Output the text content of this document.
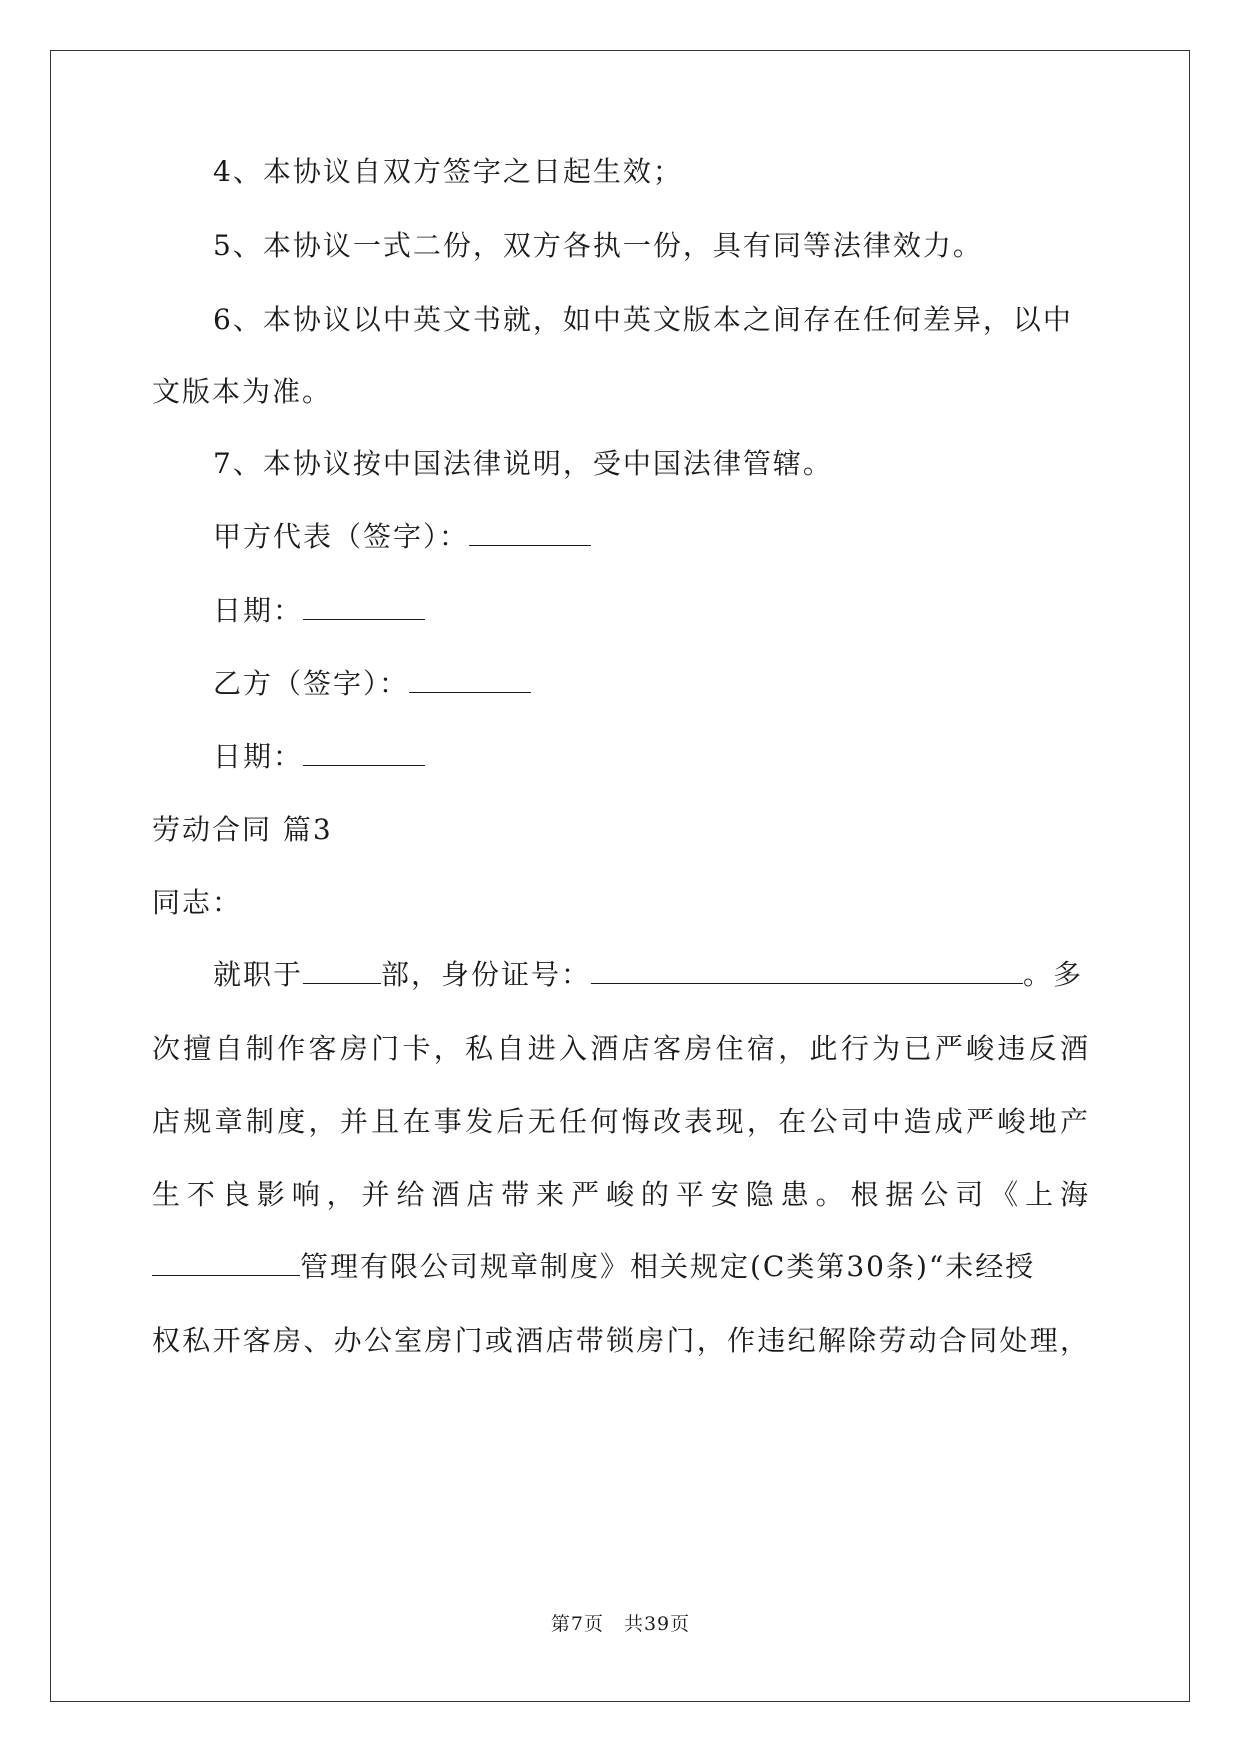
4、本协议自双方签字之日起生效；
5、本协议一式二份，双方各执一份，具有同等法律效力。
6、本协议以中英文书就，如中英文版本之间存在任何差异，以中
文版本为准。
7、本协议按中国法律说明，受中国法律管辖。
甲方代表（签字）：
日期：
乙方（签字）：
日期：
劳动合同 篇3
同志：
就职于	部，身份证号：	。多
次擅自制作客房门卡，私自进入酒店客房住宿，此行为已严峻违反酒
店规章制度，并且在事发后无任何悔改表现，在公司中造成严峻地产
生不良影响，并给酒店带来严峻的平安隐患。根据公司《上海
管理有限公司规章制度》相关规定(C类第30条)“未经授
权私开客房、办公室房门或酒店带锁房门，作违纪解除劳动合同处理，
第7页　共39页
